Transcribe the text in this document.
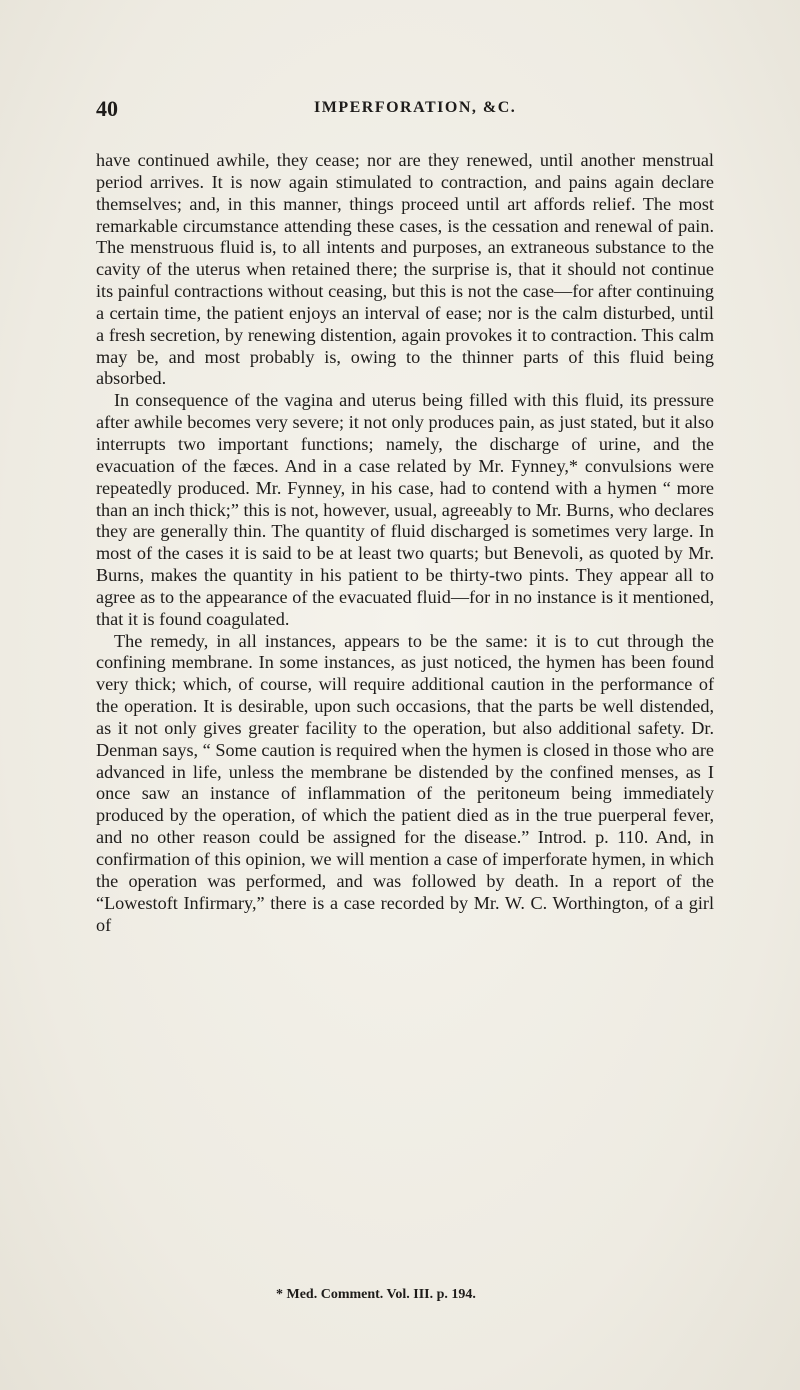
40	IMPERFORATION, &C.

have continued awhile, they cease; nor are they renewed, until another menstrual period arrives. It is now again stimulated to contraction, and pains again declare themselves; and, in this manner, things proceed until art affords relief. The most remarkable circumstance attending these cases, is the cessation and renewal of pain. The menstruous fluid is, to all intents and purposes, an extraneous substance to the cavity of the uterus when retained there; the surprise is, that it should not continue its painful contractions without ceasing, but this is not the case—for after continuing a certain time, the patient enjoys an interval of ease; nor is the calm disturbed, until a fresh secretion, by renewing distention, again provokes it to contraction. This calm may be, and most probably is, owing to the thinner parts of this fluid being absorbed.

In consequence of the vagina and uterus being filled with this fluid, its pressure after awhile becomes very severe; it not only produces pain, as just stated, but it also interrupts two important functions; namely, the discharge of urine, and the evacuation of the fæces. And in a case related by Mr. Fynney,* convulsions were repeatedly produced. Mr. Fynney, in his case, had to contend with a hymen “ more than an inch thick;” this is not, however, usual, agreeably to Mr. Burns, who declares they are generally thin. The quantity of fluid discharged is sometimes very large. In most of the cases it is said to be at least two quarts; but Benevoli, as quoted by Mr. Burns, makes the quantity in his patient to be thirty-two pints. They appear all to agree as to the appearance of the evacuated fluid—for in no instance is it mentioned, that it is found coagulated.

The remedy, in all instances, appears to be the same: it is to cut through the confining membrane. In some instances, as just noticed, the hymen has been found very thick; which, of course, will require additional caution in the performance of the operation. It is desirable, upon such occasions, that the parts be well distended, as it not only gives greater facility to the operation, but also additional safety. Dr. Denman says, “ Some caution is required when the hymen is closed in those who are advanced in life, unless the membrane be distended by the confined menses, as I once saw an instance of inflammation of the peritoneum being immediately produced by the operation, of which the patient died as in the true puerperal fever, and no other reason could be assigned for the disease.” Introd. p. 110. And, in confirmation of this opinion, we will mention a case of imperforate hymen, in which the operation was performed, and was followed by death. In a report of the “Lowestoft Infirmary,” there is a case recorded by Mr. W. C. Worthington, of a girl of

* Med. Comment. Vol. III. p. 194.
